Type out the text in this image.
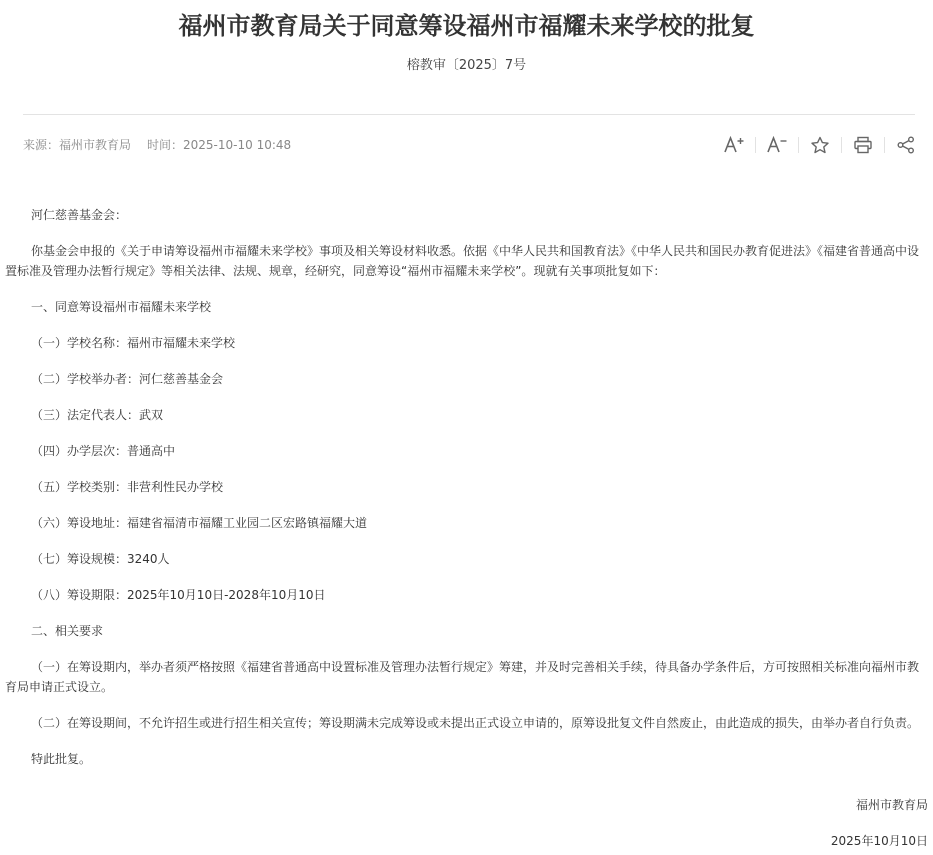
福州市教育局关于同意筹设福州市福耀未来学校的批复
榕教审〔2025〕7号
来源：福州市教育局 时间：2025-10-10 10:48

河仁慈善基金会：

你基金会申报的《关于申请筹设福州市福耀未来学校》事项及相关筹设材料收悉。依据《中华人民共和国教育法》《中华人民共和国民办教育促进法》《福建省普通高中设置标准及管理办法暂行规定》等相关法律、法规、规章，经研究，同意筹设“福州市福耀未来学校”。现就有关事项批复如下：

一、同意筹设福州市福耀未来学校

（一）学校名称：福州市福耀未来学校

（二）学校举办者：河仁慈善基金会

（三）法定代表人：武双

（四）办学层次：普通高中

（五）学校类别：非营利性民办学校

（六）筹设地址：福建省福清市福耀工业园二区宏路镇福耀大道

（七）筹设规模：3240人

（八）筹设期限：2025年10月10日-2028年10月10日

二、相关要求

（一）在筹设期内，举办者须严格按照《福建省普通高中设置标准及管理办法暂行规定》筹建，并及时完善相关手续，待具备办学条件后，方可按照相关标准向福州市教育局申请正式设立。

（二）在筹设期间，不允许招生或进行招生相关宣传；筹设期满未完成筹设或未提出正式设立申请的，原筹设批复文件自然废止，由此造成的损失，由举办者自行负责。

特此批复。

福州市教育局
2025年10月10日
